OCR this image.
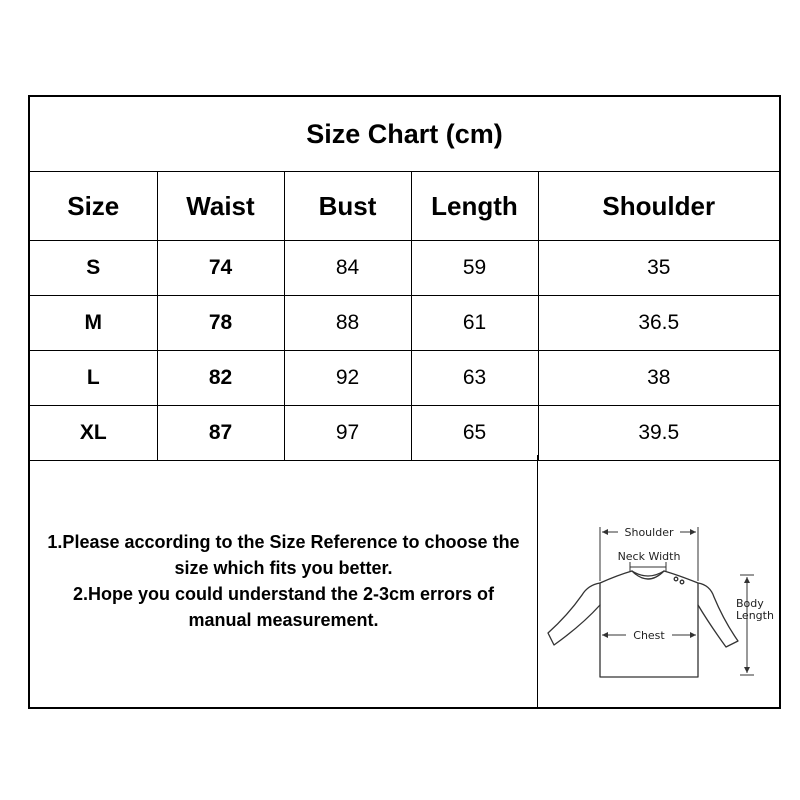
Size Chart (cm)
Size	Waist	Bust	Length	Shoulder
S	74	84	59	35
M	78	88	61	36.5
L	82	92	63	38
XL	87	97	65	39.5

1.Please according to the Size Reference to choose the size which fits you better.

2.Hope you could understand the 2-3cm errors of manual measurement.

Shoulder
Neck Width
Chest
Body
Length
